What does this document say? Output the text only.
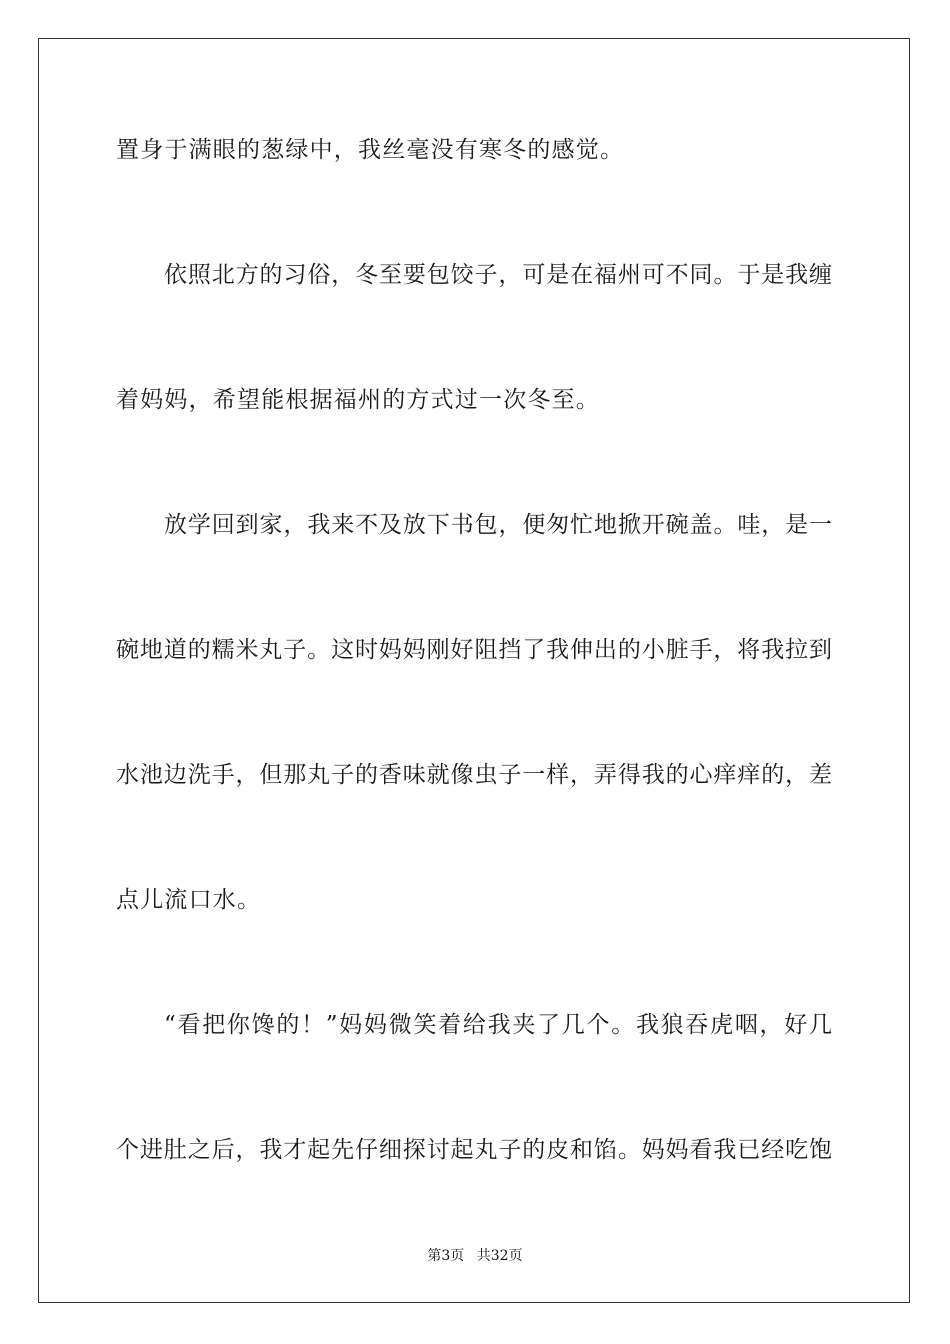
置身于满眼的葱绿中，我丝毫没有寒冬的感觉。
依照北方的习俗，冬至要包饺子，可是在福州可不同。于是我缠
着妈妈，希望能根据福州的方式过一次冬至。
放学回到家，我来不及放下书包，便匆忙地掀开碗盖。哇，是一
碗地道的糯米丸子。这时妈妈刚好阻挡了我伸出的小脏手，将我拉到
水池边洗手，但那丸子的香味就像虫子一样，弄得我的心痒痒的，差
点儿流口水。
“看把你馋的！”妈妈微笑着给我夹了几个。我狼吞虎咽，好几
个进肚之后，我才起先仔细探讨起丸子的皮和馅。妈妈看我已经吃饱
第3页 共32页
